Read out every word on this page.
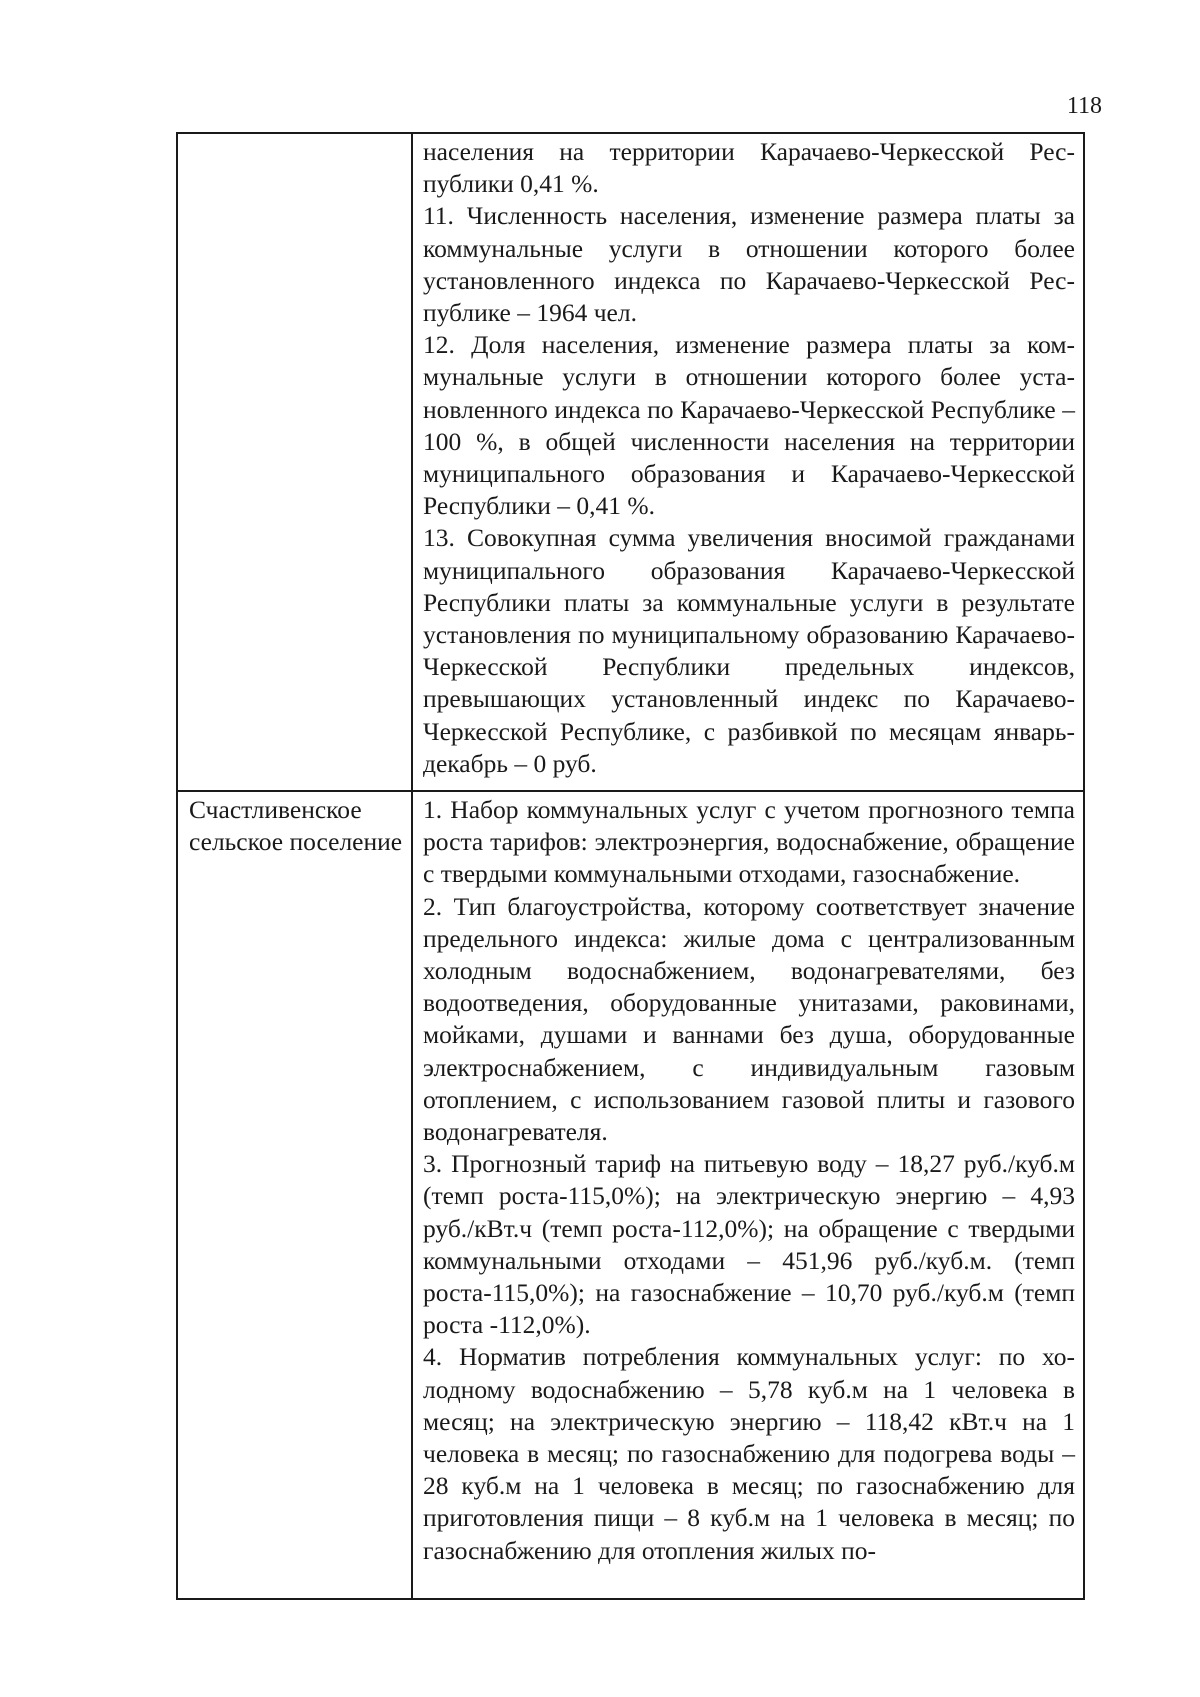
118

	населения на территории Карачаево-Черкесской Республики 0,41 %.

11. Численность населения, изменение размера платы за коммунальные услуги в отношении которого более установленного индекса по Карачаево-Черкесской Республике – 1964 чел.

12. Доля населения, изменение размера платы за коммунальные услуги в отношении которого более установленного индекса по Карачаево-Черкесской Республике – 100 %, в общей численности населения на территории муниципального образования и Карачаево-Черкесской Республики – 0,41 %.

13. Совокупная сумма увеличения вносимой гражданами муниципального образования Карачаево-Черкесской Республики платы за коммунальные услуги в результате установления по муниципальному образованию Карачаево-Черкесской Республики предельных индексов, превышающих установленный индекс по Карачаево-Черкесской Республике, с разбивкой по месяцам январь-декабрь – 0 руб.

Счастливенское сельское поселение	1. Набор коммунальных услуг с учетом прогнозного темпа роста тарифов: электроэнергия, водоснабжение, обращение с твердыми коммунальными отходами, газоснабжение.

2. Тип благоустройства, которому соответствует значение предельного индекса: жилые дома с централизованным холодным водоснабжением, водонагревателями, без водоотведения, оборудованные унитазами, раковинами, мойками, душами и ваннами без душа, оборудованные электроснабжением, с индивидуальным газовым отоплением, с использованием газовой плиты и газового водонагревателя.

3. Прогнозный тариф на питьевую воду – 18,27 руб./куб.м (темп роста-115,0%); на электрическую энергию – 4,93 руб./кВт.ч (темп роста-112,0%); на обращение с твердыми коммунальными отходами – 451,96 руб./куб.м. (темп роста-115,0%); на газоснабжение – 10,70 руб./куб.м (темп роста -112,0%).

4. Норматив потребления коммунальных услуг: по холодному водоснабжению – 5,78 куб.м на 1 человека в месяц; на электрическую энергию – 118,42 кВт.ч на 1 человека в месяц; по газоснабжению для подогрева воды – 28 куб.м на 1 человека в месяц; по газоснабжению для приготовления пищи – 8 куб.м на 1 человека в месяц; по газоснабжению для отопления жилых по-
